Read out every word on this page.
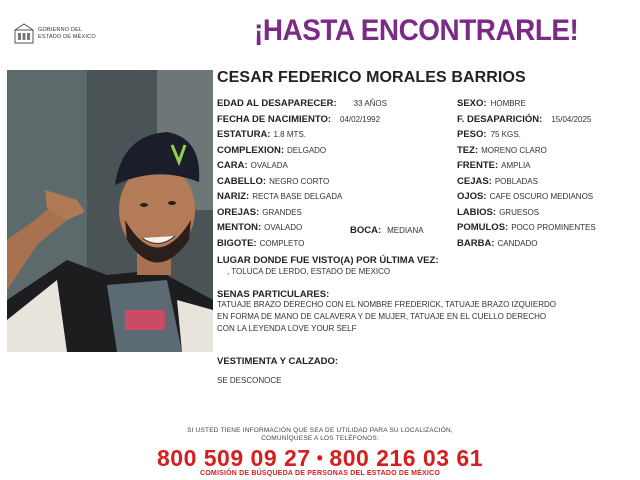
GOBIERNO DEL
ESTADO DE MÉXICO	¡HASTA ENCONTRARLE!
CESAR FEDERICO MORALES BARRIOS
EDAD AL DESAPARECER: 33 AÑOS
FECHA DE NACIMIENTO: 04/02/1992
ESTATURA: 1.8 MTS.
COMPLEXION: DELGADO
CARA: OVALADA
CABELLO: NEGRO CORTO
NARIZ: RECTA BASE DELGADA
OREJAS: GRANDES
MENTON: OVALADO	BOCA: MEDIANA
BIGOTE: COMPLETO
SEXO: HOMBRE
F. DESAPARICIÓN: 15/04/2025
PESO: 75 KGS.
TEZ: MORENO CLARO
FRENTE: AMPLIA
CEJAS: POBLADAS
OJOS: CAFE OSCURO MEDIANOS
LABIOS: GRUESOS
POMULOS: POCO PROMINENTES
BARBA: CANDADO
LUGAR DONDE FUE VISTO(A) POR ÚLTIMA VEZ:
, TOLUCA DE LERDO, ESTADO DE MEXICO
SENAS PARTICULARES:
TATUAJE BRAZO DERECHO CON EL NOMBRE FREDERICK, TATUAJE BRAZO IZQUIERDO
EN FORMA DE MANO DE CALAVERA Y DE MUJER, TATUAJE EN EL CUELLO DERECHO
CON LA LEYENDA LOVE YOUR SELF
VESTIMENTA Y CALZADO:
SE DESCONOCE
SI USTED TIENE INFORMACIÓN QUE SEA DE UTILIDAD PARA SU LOCALIZACIÓN,
COMUNÍQUESE A LOS TELÉFONOS:
800 509 09 27 • 800 216 03 61
COMISIÓN DE BÚSQUEDA DE PERSONAS DEL ESTADO DE MÉXICO
